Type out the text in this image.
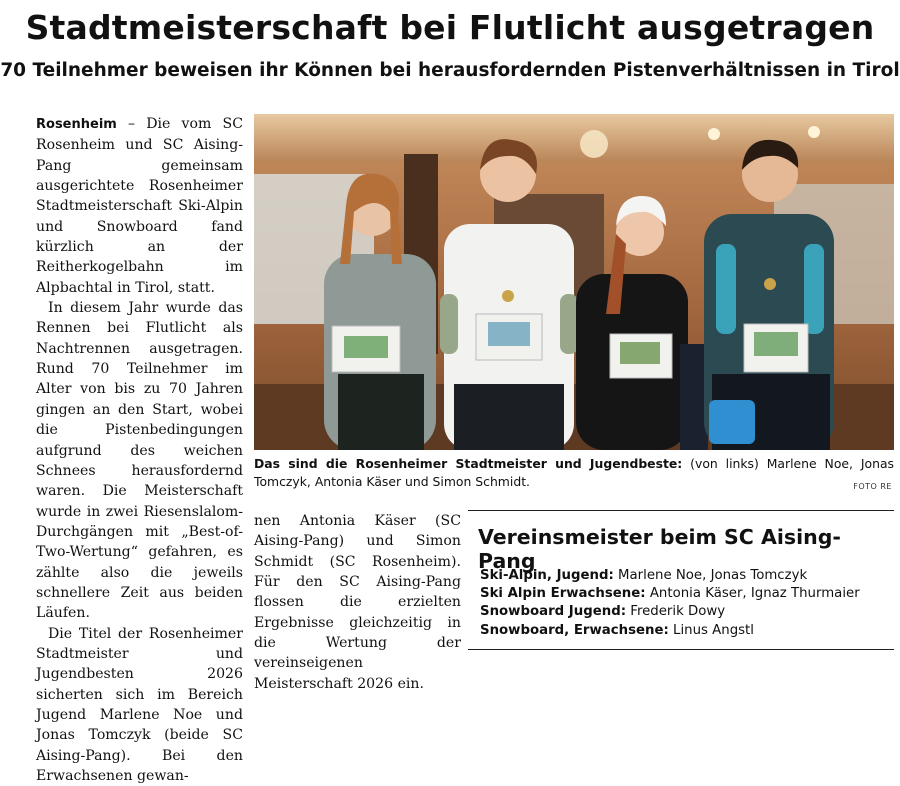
Stadtmeisterschaft bei Flutlicht ausgetragen
70 Teilnehmer beweisen ihr Können bei herausfordernden Pistenverhältnissen in Tirol

Rosenheim – Die vom SC Rosenheim und SC Aising-Pang gemeinsam ausgerichtete Rosenheimer Stadtmeisterschaft Ski-Alpin und Snowboard fand kürzlich an der Reitherkogelbahn im Alpbachtal in Tirol, statt.

In diesem Jahr wurde das Rennen bei Flutlicht als Nachtrennen ausgetragen. Rund 70 Teilnehmer im Alter von bis zu 70 Jahren gingen an den Start, wobei die Pistenbedingungen aufgrund des weichen Schnees herausfordernd waren. Die Meisterschaft wurde in zwei Riesenslalom-Durchgängen mit „Best-of-Two-Wertung“ gefahren, es zählte also die jeweils schnellere Zeit aus beiden Läufen.

Die Titel der Rosenheimer Stadtmeister und Jugendbesten 2026 sicherten sich im Bereich Jugend Marlene Noe und Jonas Tomczyk (beide SC Aising-Pang). Bei den Erwachsenen gewan-

Das sind die Rosenheimer Stadtmeister und Jugendbeste: (von links) Marlene Noe, Jonas Tomczyk, Antonia Käser und Simon Schmidt.	FOTO RE

nen Antonia Käser (SC Aising-Pang) und Simon Schmidt (SC Rosenheim). Für den SC Aising-Pang flossen die erzielten Ergebnisse gleichzeitig in die Wertung der vereinseigenen Meisterschaft 2026 ein.

Vereinsmeister beim SC Aising-Pang
Ski-Alpin, Jugend: Marlene Noe, Jonas Tomczyk
Ski Alpin Erwachsene: Antonia Käser, Ignaz Thurmaier
Snowboard Jugend: Frederik Dowy
Snowboard, Erwachsene: Linus Angstl
